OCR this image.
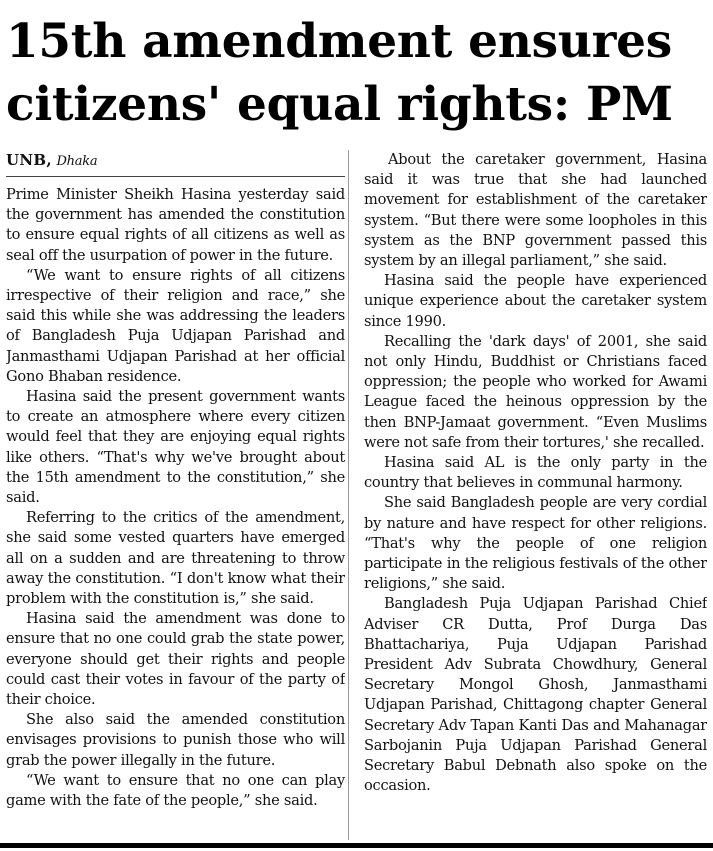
15th amendment ensures
citizens' equal rights: PM
UNB, Dhaka

Prime Minister Sheikh Hasina yesterday said the government has amended the constitution to ensure equal rights of all citizens as well as seal off the usurpation of power in the future.

“We want to ensure rights of all citizens irrespective of their religion and race,” she said this while she was addressing the leaders of Bangladesh Puja Udjapan Parishad and Janmasthami Udjapan Parishad at her official Gono Bhaban residence.

Hasina said the present government wants to create an atmosphere where every citizen would feel that they are enjoying equal rights like others. “That's why we've brought about the 15th amendment to the constitution,” she said.

Referring to the critics of the amendment, she said some vested quarters have emerged all on a sudden and are threatening to throw away the constitution. “I don't know what their problem with the constitution is,” she said.

Hasina said the amendment was done to ensure that no one could grab the state power, everyone should get their rights and people could cast their votes in favour of the party of their choice.

She also said the amended constitution envisages provisions to punish those who will grab the power illegally in the future.

“We want to ensure that no one can play game with the fate of the people,” she said.

About the caretaker government, Hasina said it was true that she had launched movement for establishment of the caretaker system. “But there were some loopholes in this system as the BNP government passed this system by an illegal parliament,” she said.

Hasina said the people have experienced unique experience about the caretaker system since 1990.

Recalling the 'dark days' of 2001, she said not only Hindu, Buddhist or Christians faced oppression; the people who worked for Awami League faced the heinous oppression by the then BNP-Jamaat government. “Even Muslims were not safe from their tortures,' she recalled.

Hasina said AL is the only party in the country that believes in communal harmony.

She said Bangladesh people are very cordial by nature and have respect for other religions. “That's why the people of one religion participate in the religious festivals of the other religions,” she said.

Bangladesh Puja Udjapan Parishad Chief Adviser CR Dutta, Prof Durga Das Bhattachariya, Puja Udjapan Parishad President Adv Subrata Chowdhury, General Secretary Mongol Ghosh, Janmasthami Udjapan Parishad, Chittagong chapter General Secretary Adv Tapan Kanti Das and Mahanagar Sarbojanin Puja Udjapan Parishad General Secretary Babul Debnath also spoke on the occasion.
